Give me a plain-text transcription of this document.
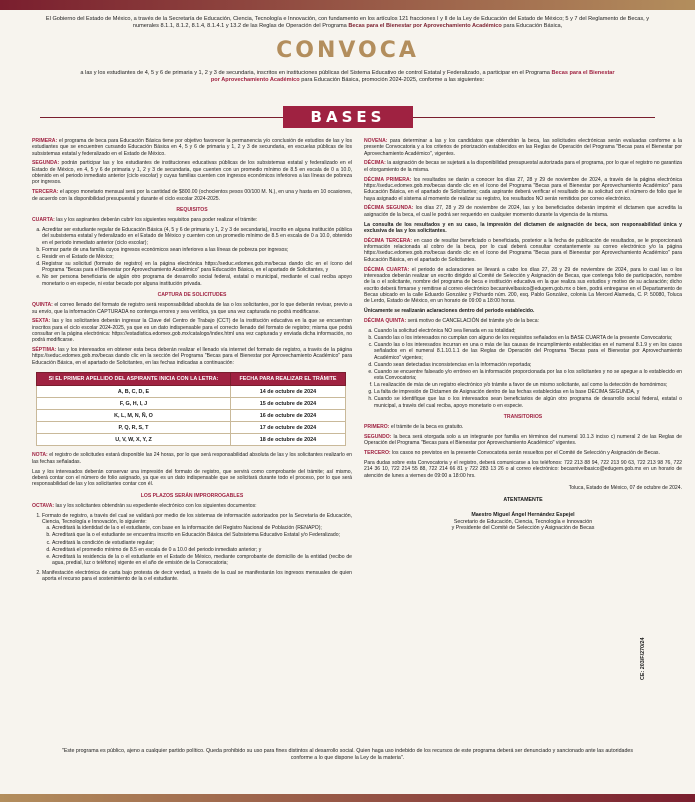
El Gobierno del Estado de México, a través de la Secretaría de Educación, Ciencia, Tecnología e Innovación, con fundamento en los artículos 121 fracciones I y II de la Ley de Educación del Estado de México; 5 y 7 del Reglamento de Becas, y numerales 8.1.1, 8.1.2, 8.1.4, 8.1.4.1 y 13.2 de las Reglas de Operación del Programa Becas para el Bienestar por Aprovechamiento Académico para Educación Básica,
CONVOCA
a las y los estudiantes de 4, 5 y 6 de primaria y 1, 2 y 3 de secundaria, inscritos en instituciones públicas del Sistema Educativo de control Estatal y Federalizado, a participar en el Programa Becas para el Bienestar por Aprovechamiento Académico para Educación Básica, promoción 2024-2025, conforme a las siguientes:
BASES

PRIMERA: el programa de beca para Educación Básica tiene por objetivo favorecer la permanencia y/o conclusión de estudios de las y los estudiantes que se encuentren cursando Educación Básica en 4, 5 y 6 de primaria y 1, 2 y 3 de secundaria, en escuelas públicas de los subsistemas estatal y federalizado en el Estado de México.

SEGUNDA: podrán participar las y los estudiantes de instituciones educativas públicas de los subsistemas estatal y federalizado en el Estado de México, en 4, 5 y 6 de primaria y 1, 2 y 3 de secundaria, que cuenten con un promedio mínimo de 8.5 en escala de 0 a 10.0, obtenido en el periodo inmediato anterior (ciclo escolar) y cuyas familias cuenten con ingresos económicos inferiores a las líneas de pobreza por ingresos.

TERCERA: el apoyo monetario mensual será por la cantidad de $800.00 (ochocientos pesos 00/100 M. N.), en una y hasta en 10 ocasiones, de acuerdo con la disponibilidad presupuestal y durante el ciclo escolar 2024-2025.

REQUISITOS

CUARTA: las y los aspirantes deberán cubrir los siguientes requisitos para poder realizar el trámite:

a. Acreditar ser estudiante regular de Educación Básica (4, 5 y 6 de primaria y 1, 2 y 3 de secundaria), inscrito en alguna institución pública del subsistema estatal y federalizado en el Estado de México y cuenten con un promedio mínimo de 8.5 en escala de 0 a 10.0, obtenido en el periodo inmediato anterior (ciclo escolar);
b. Formar parte de una familia cuyos ingresos económicos sean inferiores a las líneas de pobreza por ingresos;
c. Residir en el Estado de México;
d. Registrar su solicitud (formato de registro) en la página electrónica https://seduc.edomex.gob.mx/becas dando clic en el ícono del Programa "Becas para el Bienestar por Aprovechamiento Académico" para Educación Básica, en el apartado de Solicitantes, y
e. No ser persona beneficiaria de algún otro programa de desarrollo social federal, estatal o municipal, mediante el cual reciba apoyo monetario o en especie, ni estar becado por alguna institución privada.
CAPTURA DE SOLICITUDES

QUINTA: el correo llenado del formato de registro será responsabilidad absoluta de las o los solicitantes, por lo que deberán revisar, previo a su envío, que la información CAPTURADA no contenga errores y sea verídica, ya que una vez capturada no podrá modificarse.

SEXTA: las y los solicitantes deberán ingresar la Clave del Centro de Trabajo (CCT) de la institución educativa en la que se encuentran inscritos para el ciclo escolar 2024-2025, ya que es un dato indispensable para el correcto llenado del formato de registro; misma que podrá consultar en la página electrónica: https://estadistica.edomex.gob.mx/catalogo/index.html una vez capturada y enviada dicha información, no podrá modificarse.

SÉPTIMA: las y los interesados en obtener esta beca deberán realizar el llenado vía internet del formato de registro, a través de la página https://seduc.edomex.gob.mx/becas dando clic en la sección del Programa "Becas para el Bienestar por Aprovechamiento Académico" para Educación Básica, en el apartado de Solicitantes, en las fechas indicadas a continuación:

SI EL PRIMER APELLIDO DEL ASPIRANTE INICIA CON LA LETRA:	FECHA PARA REALIZAR EL TRÁMITE
A, B, C, D, E	14 de octubre de 2024
F, G, H, I, J	15 de octubre de 2024
K, L, M, N, Ñ, O	16 de octubre de 2024
P, Q, R, S, T	17 de octubre de 2024
U, V, W, X, Y, Z	18 de octubre de 2024

NOTA: el registro de solicitudes estará disponible las 24 horas, por lo que será responsabilidad absoluta de las y los solicitantes realizarlo en las fechas señaladas.

Las y los interesados deberán conservar una impresión del formato de registro, que servirá como comprobante del trámite; así mismo, deberá contar con el número de folio asignado, ya que es un dato indispensable que se solicitará durante todo el proceso, por lo que será responsabilidad de las y los solicitantes contar con él.

LOS PLAZOS SERÁN IMPRORROGABLES

OCTAVA: las y los solicitantes obtendrán su expediente electrónico con los siguientes documentos:

1. Formato de registro, a través del cual se validará por medio de los sistemas de información autorizados por la Secretaría de Educación, Ciencia, Tecnología e Innovación, lo siguiente:
a. Acreditará la identidad de la o el estudiante, con base en la información del Registro Nacional de Población (RENAPO);
b. Acreditará que la o el estudiante se encuentra inscrito en Educación Básica del Subsistema Educativo Estatal y/o Federalizado;
c. Acreditará la condición de estudiante regular;
d. Acreditará el promedio mínimo de 8.5 en escala de 0 a 10.0 del periodo inmediato anterior; y
e. Acreditará la residencia de la o el estudiante en el Estado de México, mediante comprobante de domicilio de la entidad (recibo de agua, predial, luz o teléfono) vigente en el año de emisión de la Convocatoria;
2. Manifestación electrónica de carta bajo protesta de decir verdad, a través de la cual se manifestarán los ingresos mensuales de quien aporta el recurso para el sostenimiento de la o el estudiante.

NOVENA: para determinar a las y los candidatos que obtendrán la beca, las solicitudes electrónicas serán evaluadas conforme a la presente Convocatoria y a los criterios de priorización establecidos en las Reglas de Operación del Programa "Becas para el Bienestar por Aprovechamiento Académico", vigentes.

DÉCIMA: la asignación de becas se sujetará a la disponibilidad presupuestal autorizada para el programa, por lo que el registro no garantiza el otorgamiento de la misma.

DÉCIMA PRIMERA: los resultados se darán a conocer los días 27, 28 y 29 de noviembre de 2024, a través de la página electrónica https://seduc.edomex.gob.mx/becas dando clic en el ícono del Programa "Becas para el Bienestar por Aprovechamiento Académico" para Educación Básica, en el apartado de Solicitantes; cada aspirante deberá verificar el resultado de su solicitud con el número de folio que le haya asignado el sistema al momento de realizar su registro, los resultados NO serán remitidos por correo electrónico.

DÉCIMA SEGUNDA: los días 27, 28 y 29 de noviembre de 2024, las y los beneficiados deberán imprimir el dictamen que acredita la asignación de la beca, el cual le podrá ser requerido en cualquier momento durante la vigencia de la misma.

La consulta de los resultados y en su caso, la impresión del dictamen de asignación de beca, son responsabilidad única y exclusiva de las y los solicitantes.

DÉCIMA TERCERA: en caso de resultar beneficiado o beneficiada, posterior a la fecha de publicación de resultados, se le proporcionará información relacionada al cobro de la beca, por lo cual deberá consultar constantemente su correo electrónico y/o la página https://seduc.edomex.gob.mx/becas dando clic en el ícono del Programa "Becas para el Bienestar por Aprovechamiento Académico" para Educación Básica, en el apartado de Solicitantes.

DÉCIMA CUARTA: el periodo de aclaraciones se llevará a cabo los días 27, 28 y 29 de noviembre de 2024, para lo cual las o los interesados deberán realizar un escrito dirigido al Comité de Selección y Asignación de Becas, que contenga folio de participación, nombre de la o el solicitante, nombre del programa de beca e institución educativa en la que realiza sus estudios y motivo de su aclaración; dicho escrito deberá firmarse y remitirse al correo electrónico becasnivelbasico@edugem.gob.mx o bien, podrá entregarse en el Departamento de Becas ubicado en la calle Eduardo González y Pichardo núm. 200, esq. Pablo González, colonia La Merced Alameda, C. P. 50080, Toluca de Lerdo, Estado de México, en un horario de 09:00 a 18:00 horas.

Únicamente se realizarán aclaraciones dentro del periodo establecido.

DÉCIMA QUINTA: será motivo de CANCELACIÓN del trámite y/o de la beca:

a. Cuando la solicitud electrónica NO sea llenada en su totalidad;
b. Cuando las o los interesados no cumplan con alguno de los requisitos señalados en la BASE CUARTA de la presente Convocatoria;
c. Cuando las o los interesados incurran en una o más de las causas de incumplimiento establecidas en el numeral 8.1.9 y en los casos señalados en el numeral 8.1.10.1.1 de las Reglas de Operación del Programa "Becas para el Bienestar por Aprovechamiento Académico" vigentes;
d. Cuando sean detectadas inconsistencias en la información reportada;
e. Cuando se encuentre falseado y/o erróneo en la información proporcionada por las o los solicitantes y no se apegue a lo establecido en esta Convocatoria;
f. La realización de más de un registro electrónico y/o trámite a favor de un mismo solicitante, así como la detección de homónimos;
g. La falta de impresión de Dictamen de Asignación dentro de las fechas establecidas en la base DÉCIMA SEGUNDA, y
h. Cuando se identifique que las o los interesados sean beneficiarios de algún otro programa de desarrollo social federal, estatal o municipal, a través del cual reciba, apoyo monetario o en especie.
TRANSITORIOS

PRIMERO: el trámite de la beca es gratuito.

SEGUNDO: la beca será otorgada solo a un integrante por familia en términos del numeral 10.1.3 inciso c) numeral 2 de las Reglas de Operación del Programa "Becas para el Bienestar por Aprovechamiento Académico" vigentes.

TERCERO: los casos no previstos en la presente Convocatoria serán resueltos por el Comité de Selección y Asignación de Becas.

Para dudas sobre esta Convocatoria y el registro, deberá comunicarse a los teléfonos: 722 213 88 94, 722 213 90 63, 722 213 98 76, 722 214 36 10, 722 214 55 88, 722 214 66 81 y 722 283 13 26 o al correo electrónico: becasnivelbasico@edugem.gob.mx en un horario de atención de lunes a viernes de 09:00 a 18:00 hrs.

Toluca, Estado de México, 07 de octubre de 2024.

ATENTAMENTE
Maestro Miguel Ángel Hernández Espejel
Secretario de Educación, Ciencia, Tecnología e Innovación
y Presidente del Comité de Selección y Asignación de Becas
CE: 203/F/270/24
"Este programa es público, ajeno a cualquier partido político. Queda prohibido su uso para fines distintos al desarrollo social. Quien haga uso indebido de los recursos de este programa deberá ser denunciado y sancionado ante las autoridades conforme a lo que dispone la Ley de la materia".
